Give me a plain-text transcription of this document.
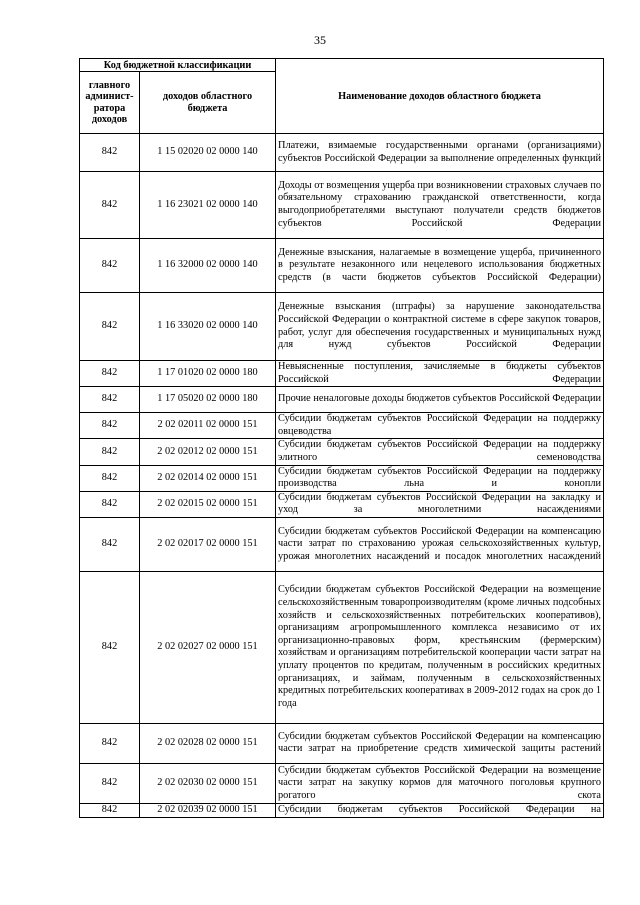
35
Код бюджетной классификации		Наименование доходов областного бюджета
главного админист-ратора доходов	доходов областного бюджета	
842	1 15 02020 02 0000 140	Платежи, взимаемые государственными органами (организациями) субъектов Российской Федерации за выполнение определенных функций
842	1 16 23021 02 0000 140	Доходы от возмещения ущерба при возникновении страховых случаев по обязательному страхованию гражданской ответственности, когда выгодоприобретателями выступают получатели средств бюджетов субъектов Российской Федерации
842	1 16 32000 02 0000 140	Денежные взыскания, налагаемые в возмещение ущерба, причиненного в результате незаконного или нецелевого использования бюджетных средств (в части бюджетов субъектов Российской Федерации)
842	1 16 33020 02 0000 140	Денежные взыскания (штрафы) за нарушение законодательства Российской Федерации о контрактной системе в сфере закупок товаров, работ, услуг для обеспечения государственных и муниципальных нужд для нужд субъектов Российской Федерации
842	1 17 01020 02 0000 180	Невыясненные поступления, зачисляемые в бюджеты субъектов Российской Федерации
842	1 17 05020 02 0000 180	Прочие неналоговые доходы бюджетов субъектов Российской Федерации
842	2 02 02011 02 0000 151	Субсидии бюджетам субъектов Российской Федерации на поддержку овцеводства
842	2 02 02012 02 0000 151	Субсидии бюджетам субъектов Российской Федерации на поддержку элитного семеноводства
842	2 02 02014 02 0000 151	Субсидии бюджетам субъектов Российской Федерации на поддержку производства льна и конопли
842	2 02 02015 02 0000 151	Субсидии бюджетам субъектов Российской Федерации на закладку и уход за многолетними насаждениями
842	2 02 02017 02 0000 151	Субсидии бюджетам субъектов Российской Федерации на компенсацию части затрат по страхованию урожая сельскохозяйственных культур, урожая многолетних насаждений и посадок многолетних насаждений
842	2 02 02027 02 0000 151	Субсидии бюджетам субъектов Российской Федерации на возмещение сельскохозяйственным товаропроизводителям (кроме личных подсобных хозяйств и сельскохозяйственных потребительских кооперативов), организациям агропромышленного комплекса независимо от их организационно-правовых форм, крестьянским (фермерским) хозяйствам и организациям потребительской кооперации части затрат на уплату процентов по кредитам, полученным в российских кредитных организациях, и займам, полученным в сельскохозяйственных кредитных потребительских кооперативах в 2009-2012 годах на срок до 1 года
842	2 02 02028 02 0000 151	Субсидии бюджетам субъектов Российской Федерации на компенсацию части затрат на приобретение средств химической защиты растений
842	2 02 02030 02 0000 151	Субсидии бюджетам субъектов Российской Федерации на возмещение части затрат на закупку кормов для маточного поголовья крупного рогатого скота
842	2 02 02039 02 0000 151	Субсидии бюджетам субъектов Российской Федерации на
